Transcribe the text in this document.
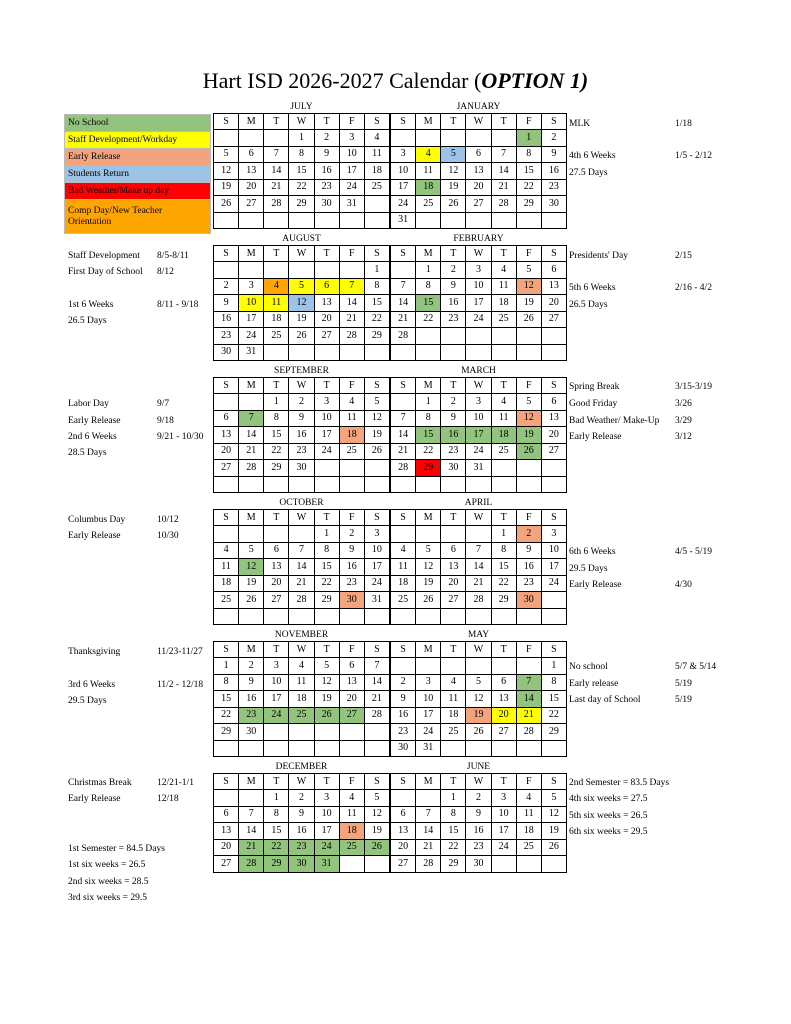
Hart ISD 2026-2027 Calendar (OPTION 1)
No School
Staff Development/Workday
Early Release
Students Return
Bad Weather/Make up day
Comp Day/New Teacher Orientation
JULY
S	M	T	W	T	F	S
			1	2	3	4
5	6	7	8	9	10	11
12	13	14	15	16	17	18
19	20	21	22	23	24	25
26	27	28	29	30	31	

JANUARY
S	M	T	W	T	F	S
					1	2
3	4	5	6	7	8	9
10	11	12	13	14	15	16
17	18	19	20	21	22	23
24	25	26	27	28	29	30
31						
AUGUST
S	M	T	W	T	F	S
						1
2	3	4	5	6	7	8
9	10	11	12	13	14	15
16	17	18	19	20	21	22
23	24	25	26	27	28	29
30	31					
FEBRUARY
S	M	T	W	T	F	S
	1	2	3	4	5	6
7	8	9	10	11	12	13
14	15	16	17	18	19	20
21	22	23	24	25	26	27
28						

SEPTEMBER
S	M	T	W	T	F	S
		1	2	3	4	5
6	7	8	9	10	11	12
13	14	15	16	17	18	19
20	21	22	23	24	25	26
27	28	29	30			

MARCH
S	M	T	W	T	F	S
	1	2	3	4	5	6
7	8	9	10	11	12	13
14	15	16	17	18	19	20
21	22	23	24	25	26	27
28	29	30	31			

OCTOBER
S	M	T	W	T	F	S
				1	2	3
4	5	6	7	8	9	10
11	12	13	14	15	16	17
18	19	20	21	22	23	24
25	26	27	28	29	30	31

APRIL
S	M	T	W	T	F	S
				1	2	3
4	5	6	7	8	9	10
11	12	13	14	15	16	17
18	19	20	21	22	23	24
25	26	27	28	29	30	

NOVEMBER
S	M	T	W	T	F	S
1	2	3	4	5	6	7
8	9	10	11	12	13	14
15	16	17	18	19	20	21
22	23	24	25	26	27	28
29	30					

MAY
S	M	T	W	T	F	S
						1
2	3	4	5	6	7	8
9	10	11	12	13	14	15
16	17	18	19	20	21	22
23	24	25	26	27	28	29
30	31					
DECEMBER
S	M	T	W	T	F	S
		1	2	3	4	5
6	7	8	9	10	11	12
13	14	15	16	17	18	19
20	21	22	23	24	25	26
27	28	29	30	31		
JUNE
S	M	T	W	T	F	S
		1	2	3	4	5
6	7	8	9	10	11	12
13	14	15	16	17	18	19
20	21	22	23	24	25	26
27	28	29	30			
Staff Development 8/5-8/11
First Day of School 8/12
1st 6 Weeks	8/11 - 9/18
26.5 Days
Labor Day	9/7
Early Release	9/18
2nd 6 Weeks	9/21 - 10/30
28.5 Days
Columbus Day	10/12
Early Release	10/30
Thanksgiving	11/23-11/27
3rd 6 Weeks	11/2 - 12/18
29.5 Days
Christmas Break	12/21-1/1
Early Release	12/18
1st Semester = 84.5 Days
1st six weeks = 26.5
2nd six weeks = 28.5
3rd six weeks = 29.5
MLK	1/18
4th 6 Weeks	1/5 - 2/12
27.5 Days
Presidents' Day	2/15
5th 6 Weeks	2/16 - 4/2
26.5 Days
Spring Break	3/15-3/19
Good Friday	3/26
Bad Weather/ Make-Up 3/29
Early Release	3/12
6th 6 Weeks	4/5 - 5/19
29.5 Days
Early Release	4/30
No school	5/7 & 5/14
Early release	5/19
Last day of School	5/19
2nd Semester = 83.5 Days
4th six weeks = 27.5
5th six weeks = 26.5
6th six weeks = 29.5
